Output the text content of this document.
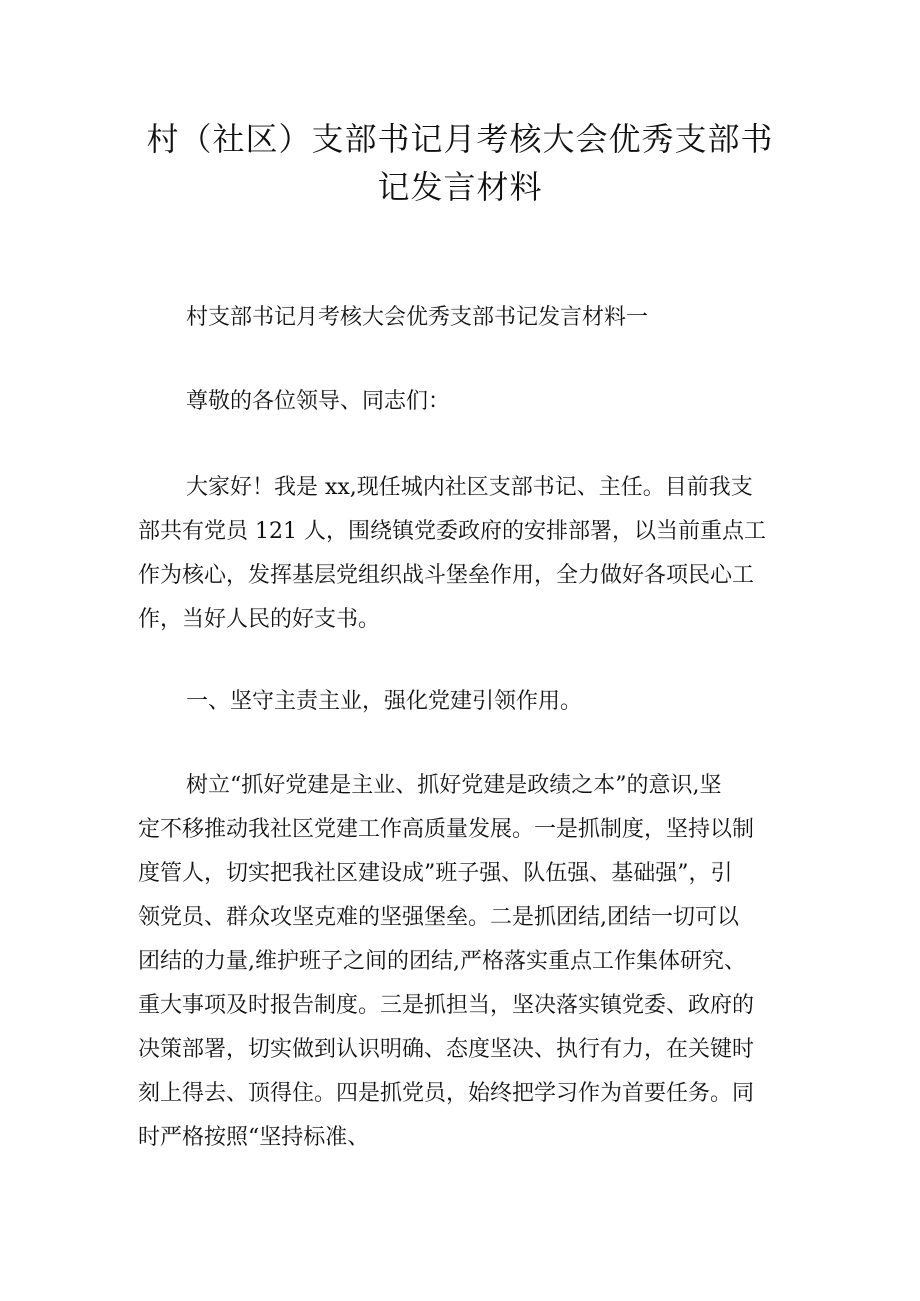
村（社区）支部书记月考核大会优秀支部书
记发言材料
村支部书记月考核大会优秀支部书记发言材料一
尊敬的各位领导、同志们：
大家好！我是 xx,现任城内社区支部书记、主任。目前我支
部共有党员 121 人，围绕镇党委政府的安排部署，以当前重点工
作为核心，发挥基层党组织战斗堡垒作用，全力做好各项民心工
作，当好人民的好支书。
一、坚守主责主业，强化党建引领作用。
树立“抓好党建是主业、抓好党建是政绩之本”的意识,坚
定不移推动我社区党建工作高质量发展。一是抓制度，坚持以制
度管人，切实把我社区建设成”班子强、队伍强、基础强”，引
领党员、群众攻坚克难的坚强堡垒。二是抓团结,团结一切可以
团结的力量,维护班子之间的团结,严格落实重点工作集体研究、
重大事项及时报告制度。三是抓担当，坚决落实镇党委、政府的
决策部署，切实做到认识明确、态度坚决、执行有力，在关键时
刻上得去、顶得住。四是抓党员，始终把学习作为首要任务。同
时严格按照“坚持标准、
